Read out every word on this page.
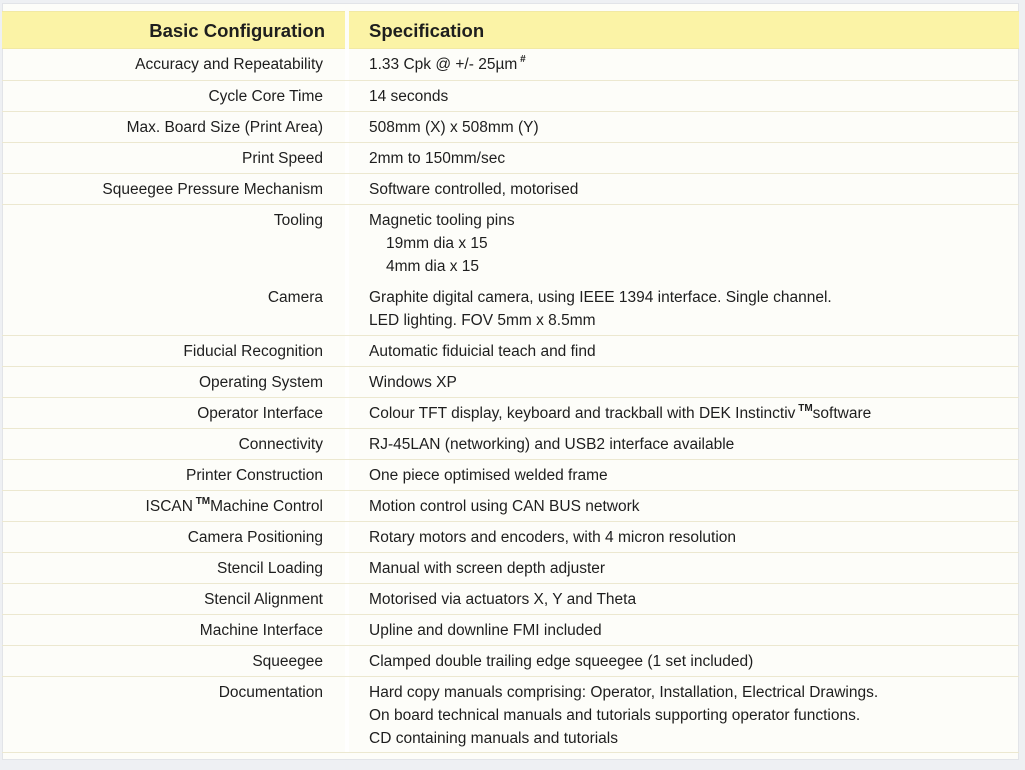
Basic Configuration	Specification
Accuracy and Repeatability	1.33 Cpk @ +/- 25µm #
Cycle Core Time	14 seconds
Max. Board Size (Print Area)	508mm (X) x 508mm (Y)
Print Speed	2mm to 150mm/sec
Squeegee Pressure Mechanism	Software controlled, motorised
Tooling	Magnetic tooling pins
19mm dia x 15
4mm dia x 15
Camera	Graphite digital camera, using IEEE 1394 interface. Single channel.
LED lighting. FOV 5mm x 8.5mm
Fiducial Recognition	Automatic fiduicial teach and find
Operating System	Windows XP
Operator Interface	Colour TFT display, keyboard and trackball with DEK Instinctiv ™software
Connectivity	RJ-45LAN (networking) and USB2 interface available
Printer Construction	One piece optimised welded frame
ISCAN ™Machine Control	Motion control using CAN BUS network
Camera Positioning	Rotary motors and encoders, with 4 micron resolution
Stencil Loading	Manual with screen depth adjuster
Stencil Alignment	Motorised via actuators X, Y and Theta
Machine Interface	Upline and downline FMI included
Squeegee	Clamped double trailing edge squeegee (1 set included)
Documentation	Hard copy manuals comprising: Operator, Installation, Electrical Drawings.
On board technical manuals and tutorials supporting operator functions.
CD containing manuals and tutorials
